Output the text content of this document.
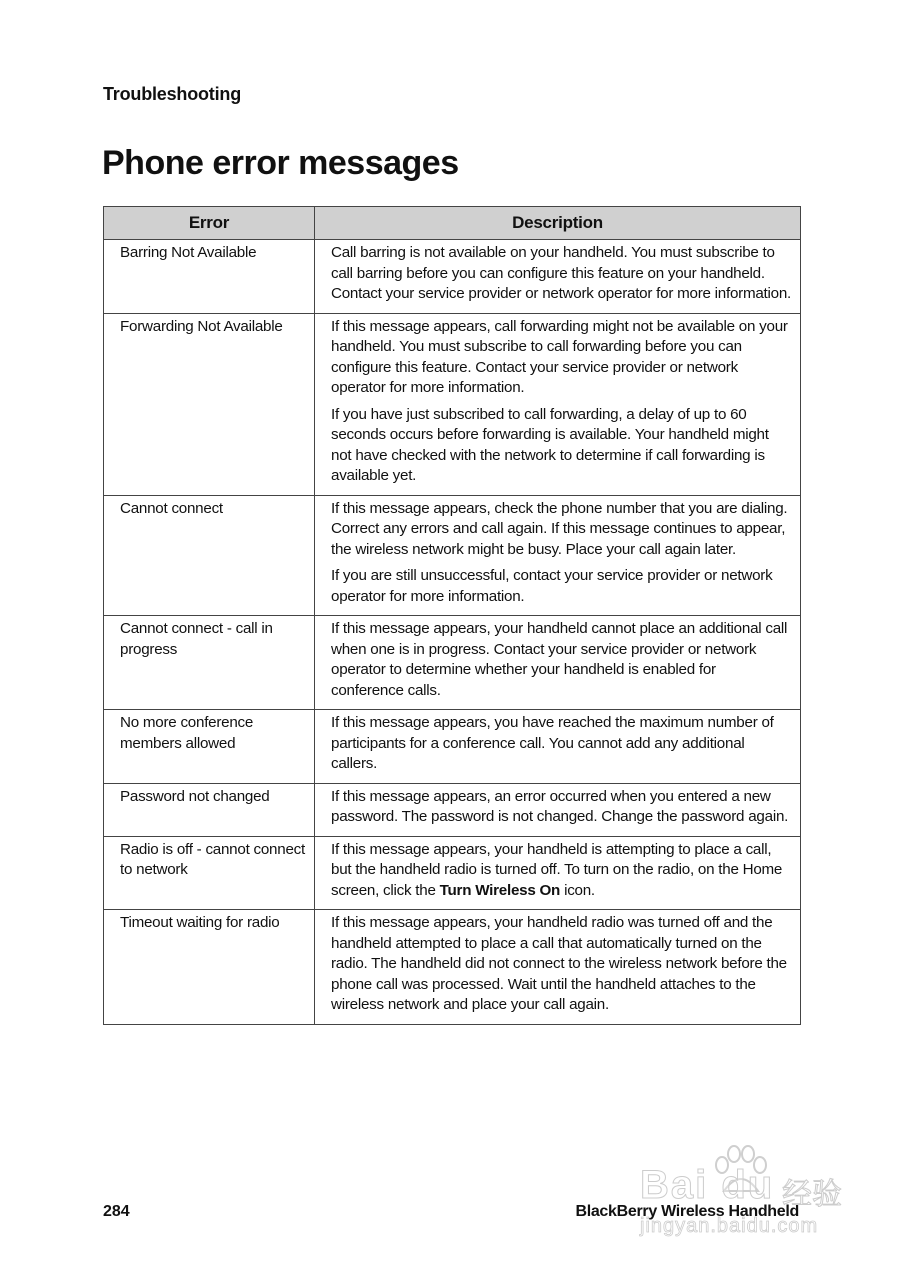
Troubleshooting
Phone error messages
Error	Description
Barring Not Available	Call barring is not available on your handheld. You must subscribe to call barring before you can configure this feature on your handheld. Contact your service provider or network operator for more information.

Forwarding Not Available	If this message appears, call forwarding might not be available on your handheld. You must subscribe to call forwarding before you can configure this feature. Contact your service provider or network operator for more information.

If you have just subscribed to call forwarding, a delay of up to 60 seconds occurs before forwarding is available. Your handheld might not have checked with the network to determine if call forwarding is available yet.

Cannot connect	If this message appears, check the phone number that you are dialing. Correct any errors and call again. If this message continues to appear, the wireless network might be busy. Place your call again later.

If you are still unsuccessful, contact your service provider or network operator for more information.

Cannot connect - call in progress	If this message appears, your handheld cannot place an additional call when one is in progress. Contact your service provider or network operator to determine whether your handheld is enabled for conference calls.

No more conference members allowed	If this message appears, you have reached the maximum number of participants for a conference call. You cannot add any additional callers.

Password not changed	If this message appears, an error occurred when you entered a new password. The password is not changed. Change the password again.

Radio is off - cannot connect to network	If this message appears, your handheld is attempting to place a call, but the handheld radio is turned off. To turn on the radio, on the Home screen, click the Turn Wireless On icon.

Timeout waiting for radio	If this message appears, your handheld radio was turned off and the handheld attempted to place a call that automatically turned on the radio. The handheld did not connect to the wireless network before the phone call was processed. Wait until the handheld attaches to the wireless network and place your call again.

284	BlackBerry Wireless Handheld
Bai du 经验
jingyan.baidu.com
